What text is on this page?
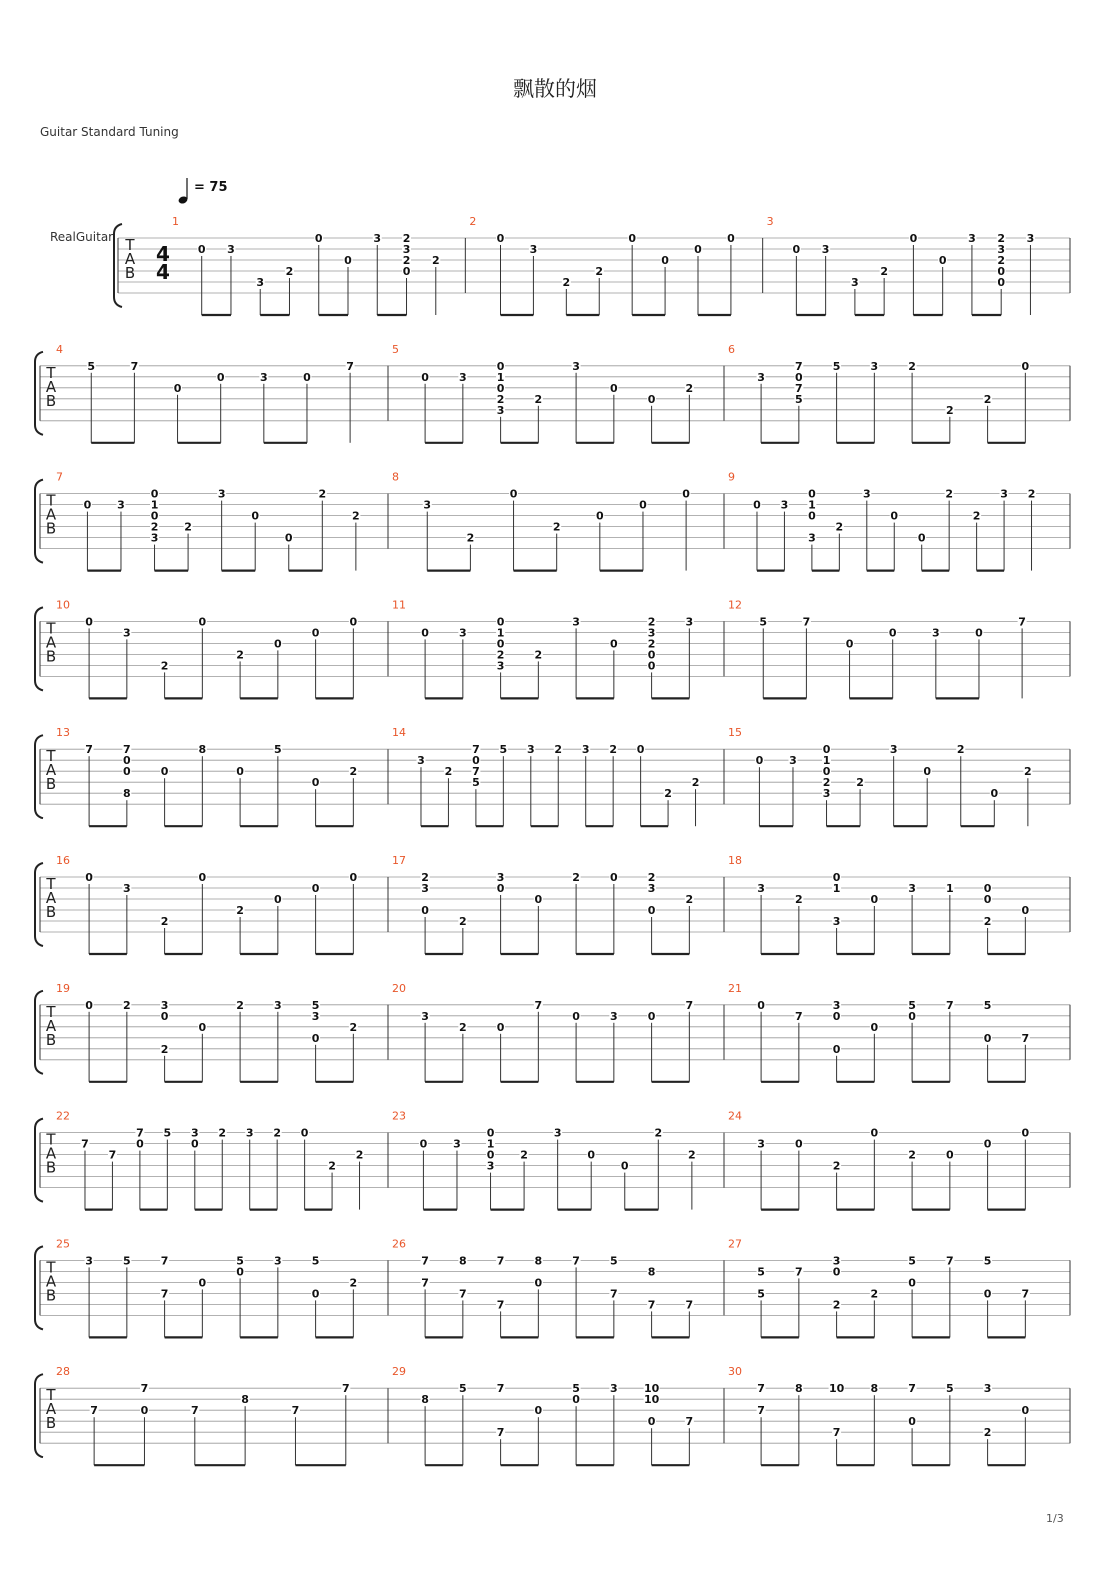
飘散的烟
Guitar Standard Tuning
= 75
RealGuitar T
A
B
4
4
1
0 3
3
2
0
0
3
0
2
3
2
2
2
0
3
2
2
0
0
0
0
3
0 3
3
2
0
0
3
0
0
2
3
2 3
T
A
B
4
5	7
0
0	3	0
7
5
0	3
3
2
0
1
0
2
3
0
0
2
6
3
5
7
0
7	5	3	2
2
2
0
T
A
B
7
0 3
3
2
0
1
0
2
3
0
0
2
2
8
3
2
0
2
0
0
0
9
0 3
3
0
1
0
2
3
0
0
2
2
3 2
T
A
B
10
0
3
2
0
2
0
0
0
11
0	3
3
2
0
1
0
2
3
0
0
0
2
3
2	3
12
5	7
0
0	3	0
7
T
A
B
13
7
8
0
0
7
0
8
0
5
0
2
14
3
2
5
7
0
7 5 3 2 3 2 0
2
2
15
0 3
3
2
0
1
0
2
3
0
2
0
2
T
A
B
16
0
3
2
0
2
0
0
0
17
0
3
2
2
0
3
0
2	0
0
3
2
2
18
3
2
3
1
0
0
3	1
2
0
0
0
T
A
B
19
0	2
2
0
3
0
2	3
0
3
5
2
20
3
2	0
7
0	3	0
7
21
0
7
0
0
3
0
0
5	7
0
5
7
T
A
B
22
7
7
0
7 5
0
3 2 3 2 0
2
2
23
0 3
3
0
1
0
2
3
0
0
2
2
24
3	0
2
0
2	0
0
0
T
A
B
25
3	5
7
7
0
0
5	3
0
5
2
26
7
7
7
8
7
7
0
8	7
7
5
7
8
7
27
5
5	7
2
0
3
2
0
5	7
0
5
7
T
A
B
28
7	0
7
7
8
7
7
29
8
5
7
7
0
0
5	3
0
10
10
7
30
7
7	8
7
10 8
0
7	5
2
3
0
1/3
